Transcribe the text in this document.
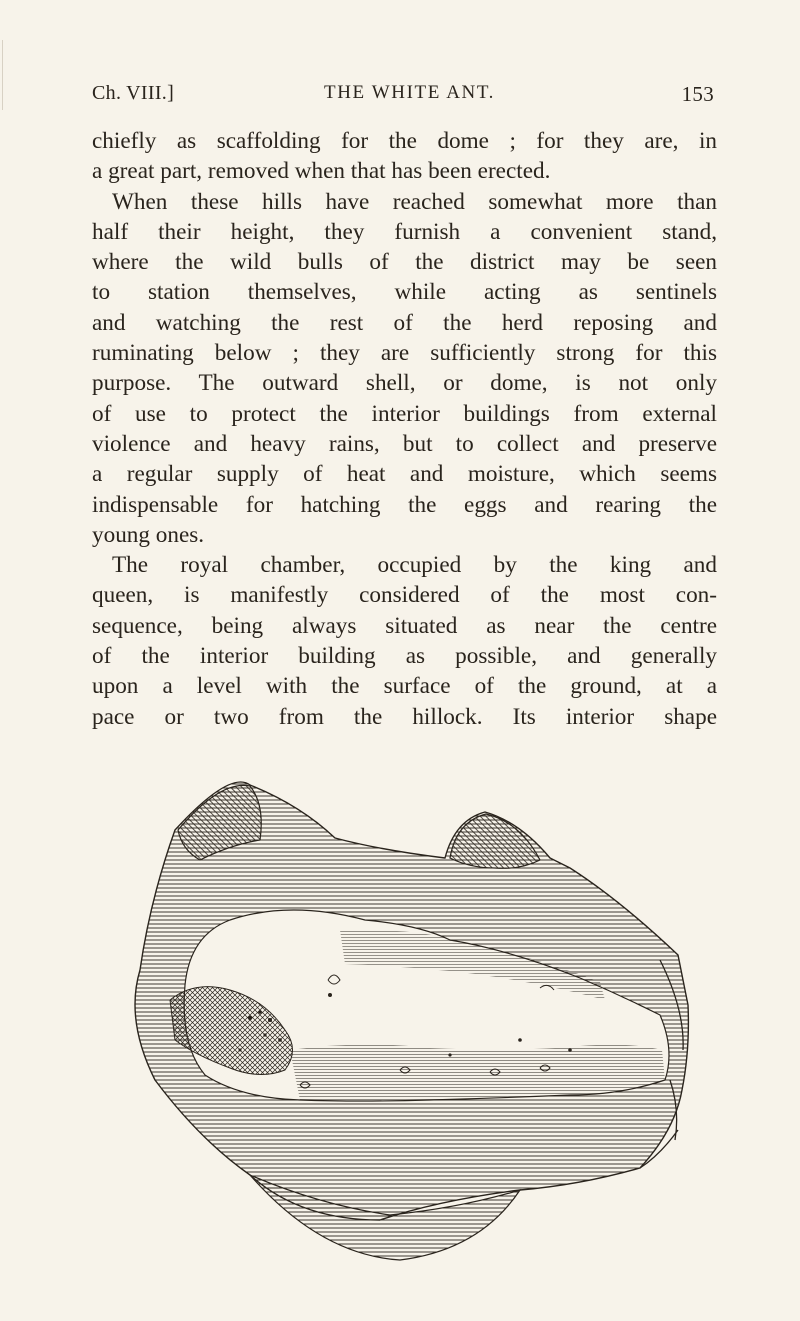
Ch. VIII.]	THE WHITE ANT.	153
chiefly as scaffolding for the dome ; for they are, in
a great part, removed when that has been erected.
When these hills have reached somewhat more than
half their height, they furnish a convenient stand,
where the wild bulls of the district may be seen
to station themselves, while acting as sentinels
and watching the rest of the herd reposing and
ruminating below ; they are sufficiently strong for this
purpose. The outward shell, or dome, is not only
of use to protect the interior buildings from external
violence and heavy rains, but to collect and preserve
a regular supply of heat and moisture, which seems
indispensable for hatching the eggs and rearing the
young ones.
The royal chamber, occupied by the king and
queen, is manifestly considered of the most con-
sequence, being always situated as near the centre
of the interior building as possible, and generally
upon a level with the surface of the ground, at a
pace or two from the hillock. Its interior shape
